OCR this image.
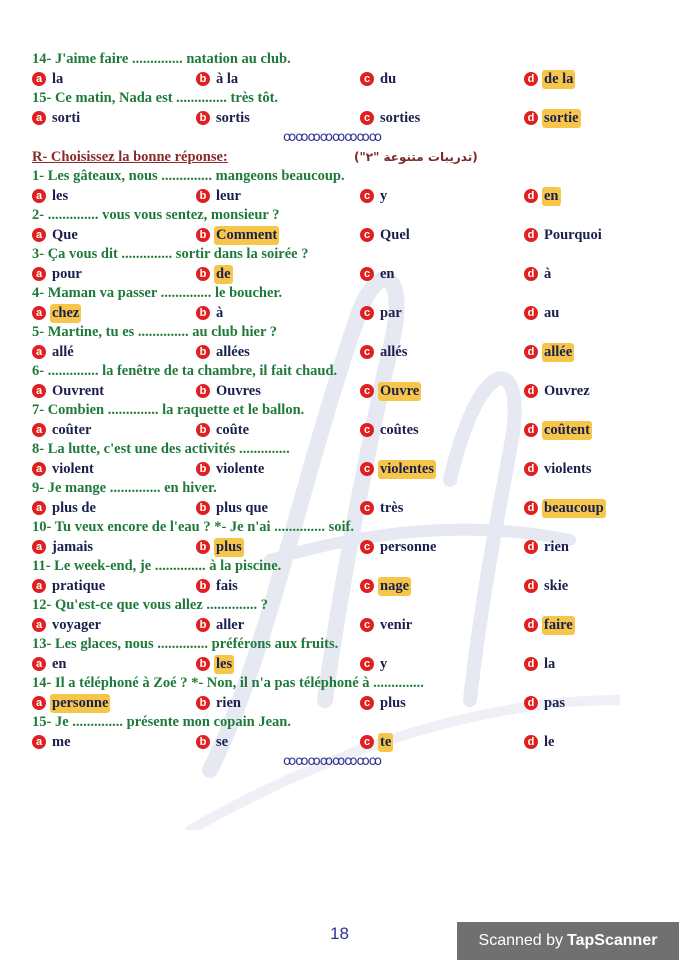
14- J'aime faire .............. natation au club.
a la	b à la	c du	d de la
15- Ce matin, Nada est .............. très tôt.
a sorti	b sortis	c sorties	d sortie
ꝏꝏꝏꝏꝏꝏꝏꝏ
R- Choisissez la bonne réponse:	(تدريبات متنوعة "٢")
1- Les gâteaux, nous .............. mangeons beaucoup.
a les	b leur	c y	d en
2- .............. vous vous sentez, monsieur ?
a Que	b Comment	c Quel	d Pourquoi
3- Ça vous dit .............. sortir dans la soirée ?
a pour	b de	c en	d à
4- Maman va passer .............. le boucher.
a chez	b à	c par	d au
5- Martine, tu es .............. au club hier ?
a allé	b allées	c allés	d allée
6- .............. la fenêtre de ta chambre, il fait chaud.
a Ouvrent	b Ouvres	c Ouvre	d Ouvrez
7- Combien .............. la raquette et le ballon.
a coûter	b coûte	c coûtes	d coûtent
8- La lutte, c'est une des activités ..............
a violent	b violente	c violentes	d violents
9- Je mange .............. en hiver.
a plus de	b plus que	c très	d beaucoup
10- Tu veux encore de l'eau ? *- Je n'ai .............. soif.
a jamais	b plus	c personne	d rien
11- Le week-end, je .............. à la piscine.
a pratique	b fais	c nage	d skie
12- Qu'est-ce que vous allez .............. ?
a voyager	b aller	c venir	d faire
13- Les glaces, nous .............. préférons aux fruits.
a en	b les	c y	d la
14- Il a téléphoné à Zoé ? *- Non, il n'a pas téléphoné à ..............
a personne	b rien	c plus	d pas
15- Je .............. présente mon copain Jean.
a me	b se	c te	d le
ꝏꝏꝏꝏꝏꝏꝏꝏ
18	Scanned by TapScanner
